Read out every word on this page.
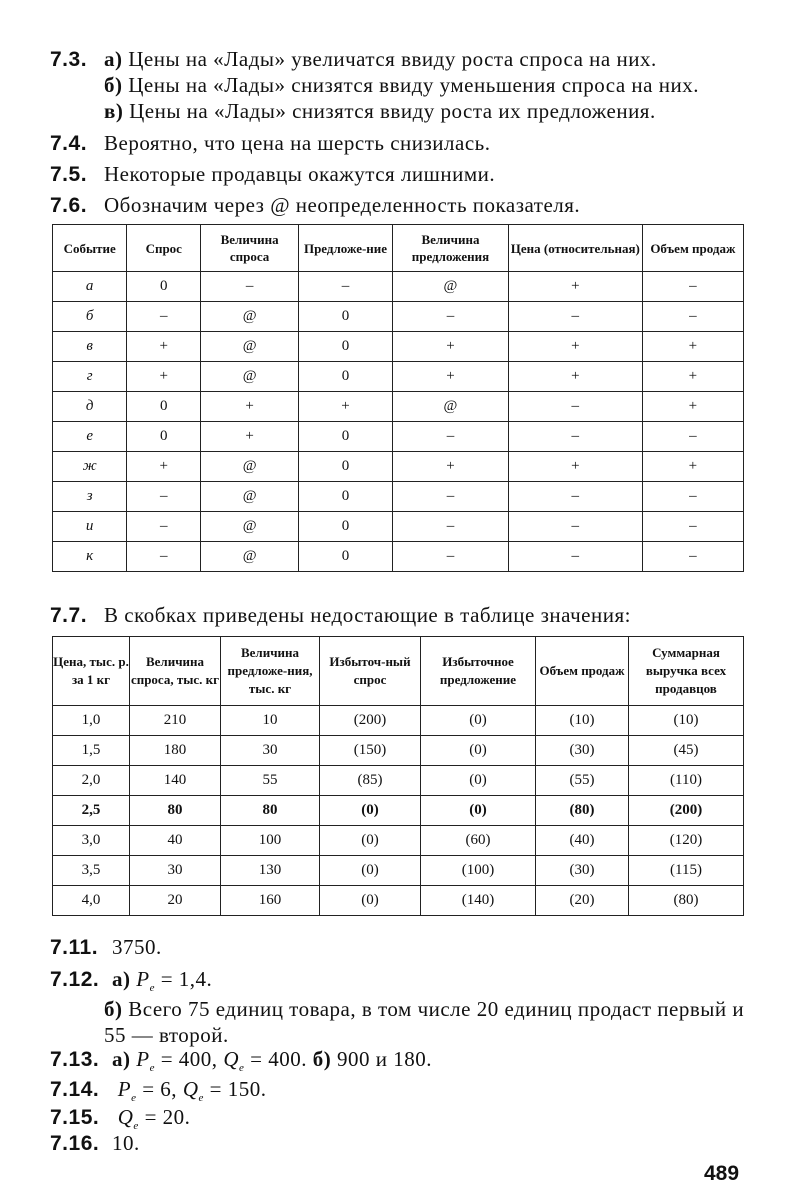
7.3. а) Цены на «Лады» увеличатся ввиду роста спроса на них.
б) Цены на «Лады» снизятся ввиду уменьшения спроса на них.
в) Цены на «Лады» снизятся ввиду роста их предложения.
7.4. Вероятно, что цена на шерсть снизилась.
7.5. Некоторые продавцы окажутся лишними.
7.6. Обозначим через @ неопределенность показателя.
Событие	Спрос	Величина спроса	Предложе-ние	Величина предложения	Цена (относительная)	Объем продаж
а	0	–	–	@	+	–
б	–	@	0	–	–	–
в	+	@	0	+	+	+
г	+	@	0	+	+	+
д	0	+	+	@	–	+
е	0	+	0	–	–	–
ж	+	@	0	+	+	+
з	–	@	0	–	–	–
и	–	@	0	–	–	–
к	–	@	0	–	–	–
7.7. В скобках приведены недостающие в таблице значения:
Цена, тыс. р. за 1 кг	Величина спроса, тыс. кг	Величина предложе-ния, тыс. кг	Избыточ-ный спрос	Избыточное предложение	Объем продаж	Суммарная выручка всех продавцов
1,0	210	10	(200)	(0)	(10)	(10)
1,5	180	30	(150)	(0)	(30)	(45)
2,0	140	55	(85)	(0)	(55)	(110)
2,5	80	80	(0)	(0)	(80)	(200)
3,0	40	100	(0)	(60)	(40)	(120)
3,5	30	130	(0)	(100)	(30)	(115)
4,0	20	160	(0)	(140)	(20)	(80)
7.11. 3750.
7.12. а) $P_e = 1,4$.
б) Всего 75 единиц товара, в том числе 20 единиц продаст первый и 55 — второй.
7.13. а) $P_e = 400$, $Q_e = 400$. б) 900 и 180.
7.14. $P_e = 6$, $Q_e = 150$.
7.15. $Q_e = 20$.
7.16. 10.
489
